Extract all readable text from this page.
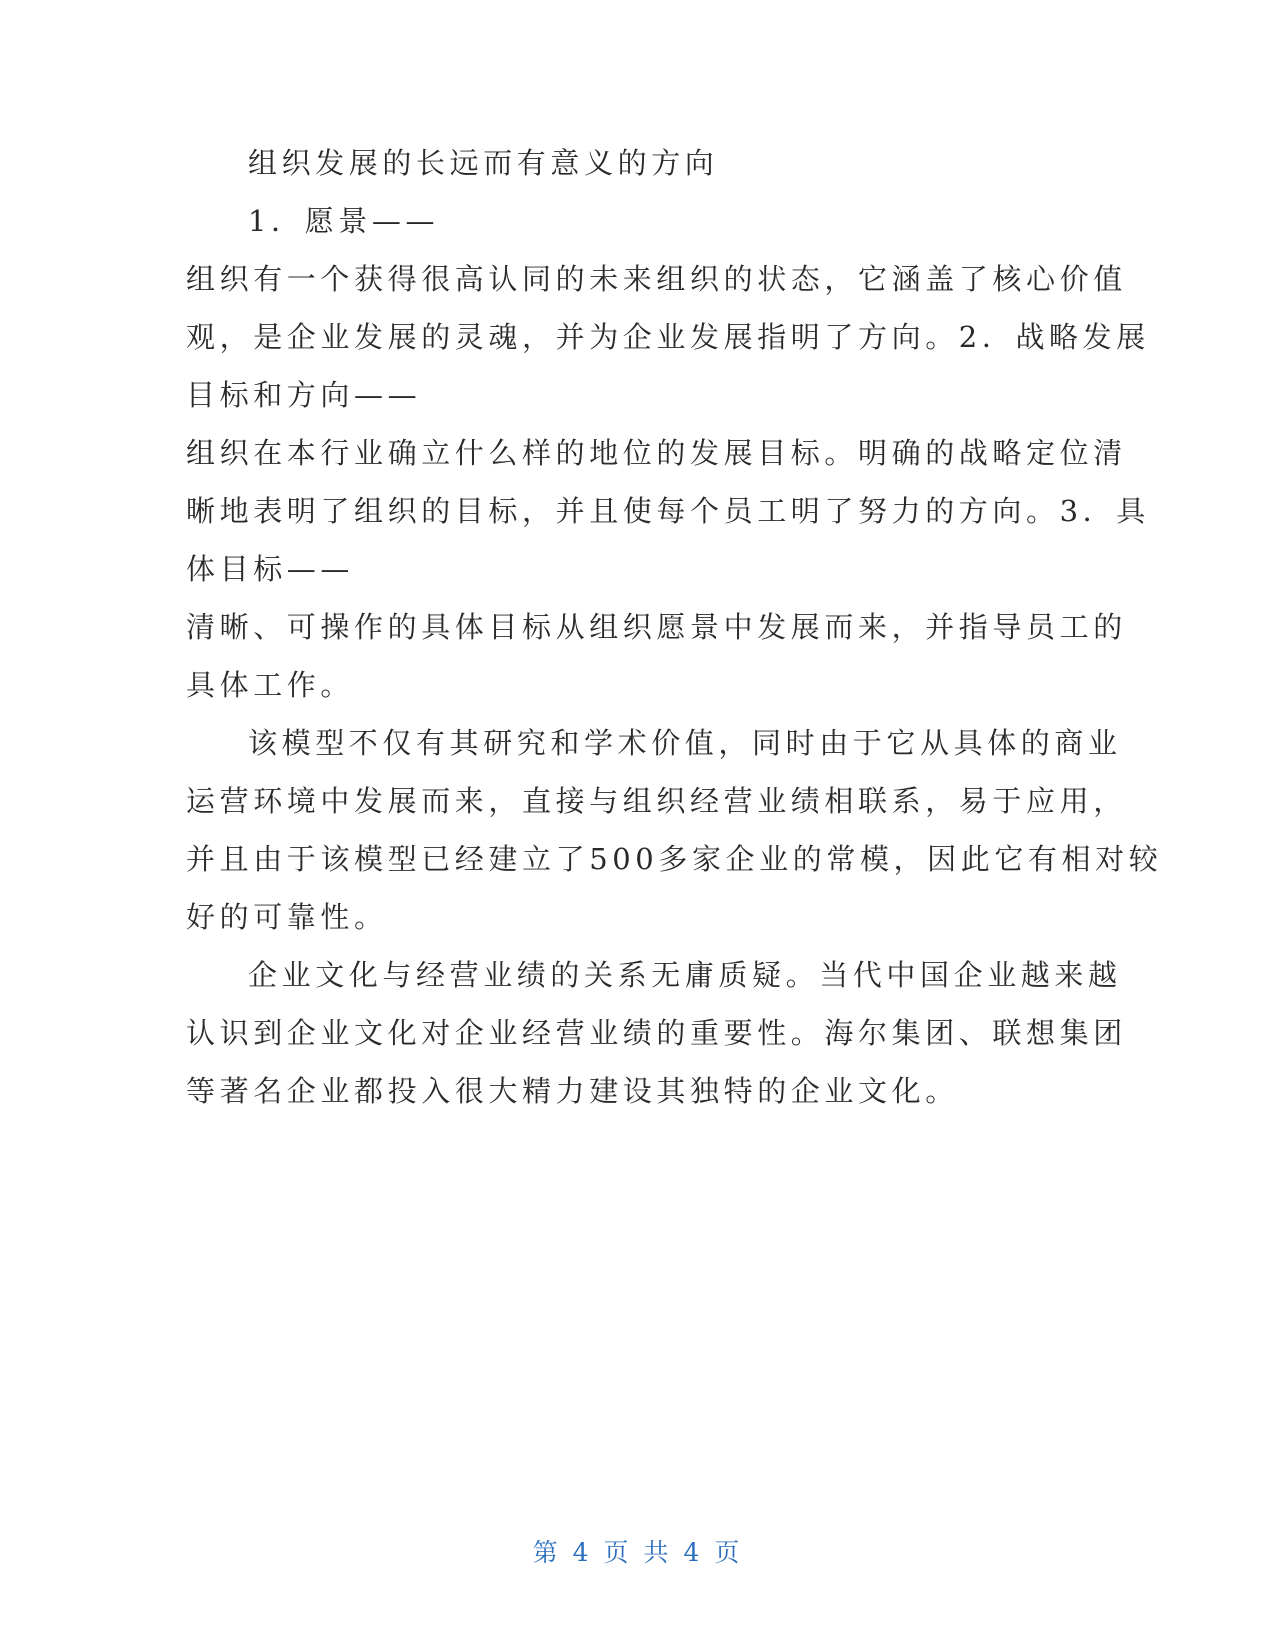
组织发展的长远而有意义的方向
1．愿景——
组织有一个获得很高认同的未来组织的状态，它涵盖了核心价值
观，是企业发展的灵魂，并为企业发展指明了方向。2．战略发展
目标和方向——
组织在本行业确立什么样的地位的发展目标。明确的战略定位清
晰地表明了组织的目标，并且使每个员工明了努力的方向。3．具
体目标——
清晰、可操作的具体目标从组织愿景中发展而来，并指导员工的
具体工作。
该模型不仅有其研究和学术价值，同时由于它从具体的商业
运营环境中发展而来，直接与组织经营业绩相联系，易于应用，
并且由于该模型已经建立了500多家企业的常模，因此它有相对较
好的可靠性。
企业文化与经营业绩的关系无庸质疑。当代中国企业越来越
认识到企业文化对企业经营业绩的重要性。海尔集团、联想集团
等著名企业都投入很大精力建设其独特的企业文化。
第 4 页 共 4 页
